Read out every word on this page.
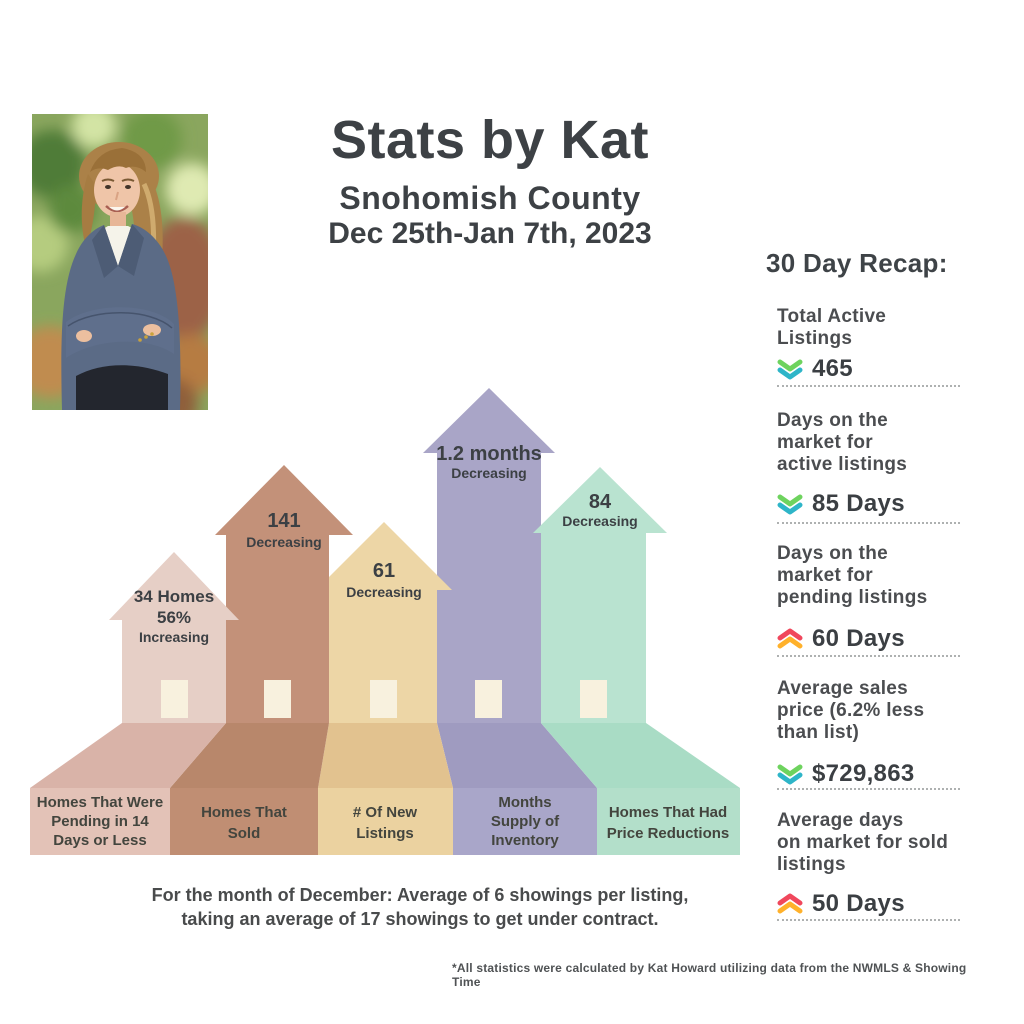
Stats by Kat
Snohomish County
Dec 25th-Jan 7th, 2023
1.2 months
Decreasing
Months
Supply of
Inventory
84
Decreasing
Homes That Had
Price Reductions
61
Decreasing
# Of New
Listings
141
Decreasing
Homes That
Sold
34 Homes
56%
Increasing
Homes That Were
Pending in 14
Days or Less
30 Day Recap:
Total Active
Listings
465
Days on the
market for
active listings
85 Days
Days on the
market for
pending listings
60 Days
Average sales
price (6.2% less
than list)
$729,863
Average days
on market for sold
listings
50 Days
For the month of December: Average of 6 showings per listing,
taking an average of 17 showings to get under contract.
*All statistics were calculated by Kat Howard utilizing data from the NWMLS & Showing Time
